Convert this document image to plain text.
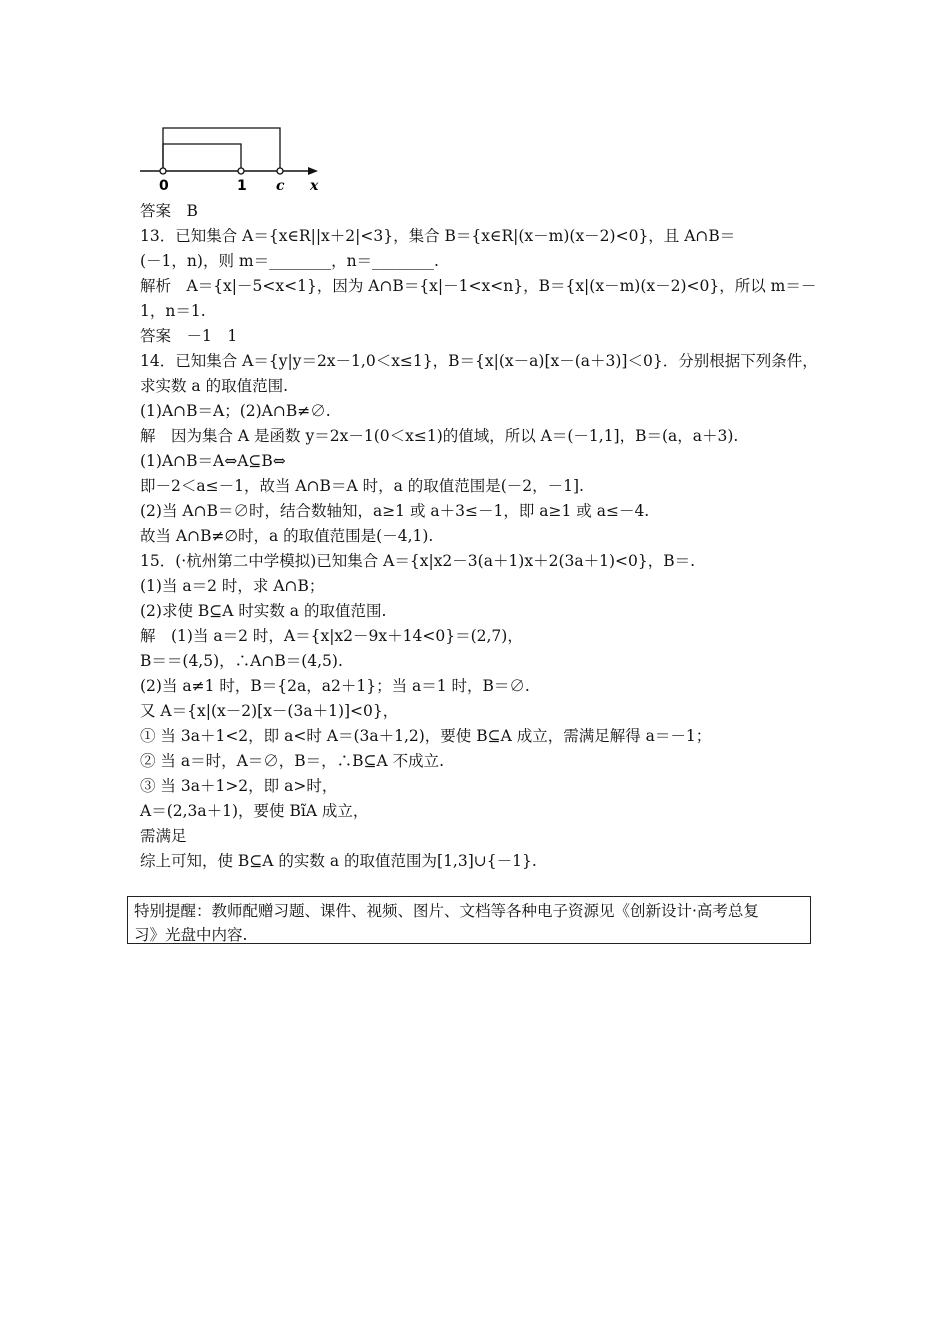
0	1 c x
答案　B
13．已知集合 A＝{x∈R||x＋2|<3}，集合 B＝{x∈R|(x－m)(x－2)<0}，且 A∩B＝
(－1，n)，则 m＝________，n＝________.
解析　A＝{x|－5<x<1}，因为 A∩B＝{x|－1<x<n}，B＝{x|(x－m)(x－2)<0}，所以 m＝－
1，n＝1.
答案　－1　1
14．已知集合 A＝{y|y＝2x－1,0＜x≤1}，B＝{x|(x－a)[x－(a＋3)]＜0}．分别根据下列条件，
求实数 a 的取值范围.
(1)A∩B＝A；(2)A∩B≠∅.
解　因为集合 A 是函数 y＝2x－1(0＜x≤1)的值域，所以 A＝(－1,1]，B＝(a，a＋3).
(1)A∩B＝A⇔A⊆B⇔
即－2＜a≤－1，故当 A∩B＝A 时，a 的取值范围是(－2，－1].
(2)当 A∩B＝∅时，结合数轴知，a≥1 或 a＋3≤－1，即 a≥1 或 a≤－4.
故当 A∩B≠∅时，a 的取值范围是(－4,1).
15．(·杭州第二中学模拟)已知集合 A＝{x|x2－3(a＋1)x＋2(3a＋1)<0}，B＝.
(1)当 a＝2 时，求 A∩B；
(2)求使 B⊆A 时实数 a 的取值范围.
解　(1)当 a＝2 时，A＝{x|x2－9x＋14<0}＝(2,7)，
B＝＝(4,5)，∴A∩B＝(4,5).
(2)当 a≠1 时，B＝{2a，a2＋1}；当 a＝1 时，B＝∅.
又 A＝{x|(x－2)[x－(3a＋1)]<0}，
① 当 3a＋1<2，即 a<时 A＝(3a＋1,2)，要使 B⊆A 成立，需满足解得 a＝－1；
② 当 a＝时，A＝∅，B＝，∴B⊆A 不成立.
③ 当 3a＋1>2，即 a>时，
A＝(2,3a＋1)，要使 BĩA 成立，
需满足
综上可知，使 B⊆A 的实数 a 的取值范围为[1,3]∪{－1}.
特别提醒：教师配赠习题、课件、视频、图片、文档等各种电子资源见《创新设计·高考总复
习》光盘中内容.
